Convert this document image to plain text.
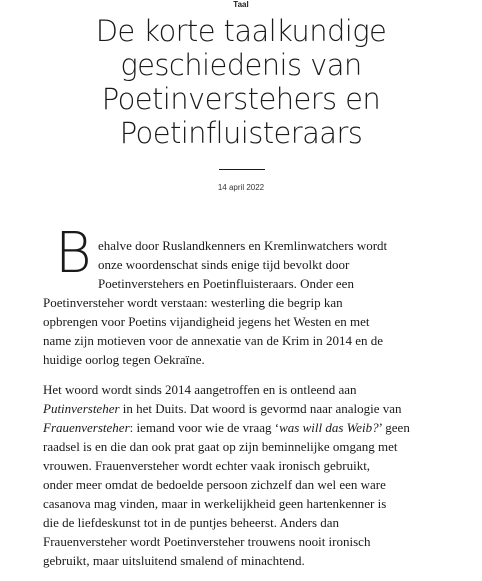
Taal
De korte taalkundige
geschiedenis van
Poetinverstehers en
Poetinfluisteraars
14 april 2022
B ehalve door Ruslandkenners en Kremlinwatchers wordt
onze woordenschat sinds enige tijd bevolkt door
Poetinverstehers en Poetinfluisteraars. Onder een
Poetinversteher wordt verstaan: westerling die begrip kan
opbrengen voor Poetins vijandigheid jegens het Westen en met
name zijn motieven voor de annexatie van de Krim in 2014 en de
huidige oorlog tegen Oekraïne.
Het woord wordt sinds 2014 aangetroffen en is ontleend aan
Putinversteher in het Duits. Dat woord is gevormd naar analogie van
Frauenversteher: iemand voor wie de vraag ‘was will das Weib?’ geen
raadsel is en die dan ook prat gaat op zijn beminnelijke omgang met
vrouwen. Frauenversteher wordt echter vaak ironisch gebruikt,
onder meer omdat de bedoelde persoon zichzelf dan wel een ware
casanova mag vinden, maar in werkelijkheid geen hartenkenner is
die de liefdeskunst tot in de puntjes beheerst. Anders dan
Frauenversteher wordt Poetinversteher trouwens nooit ironisch
gebruikt, maar uitsluitend smalend of minachtend.
